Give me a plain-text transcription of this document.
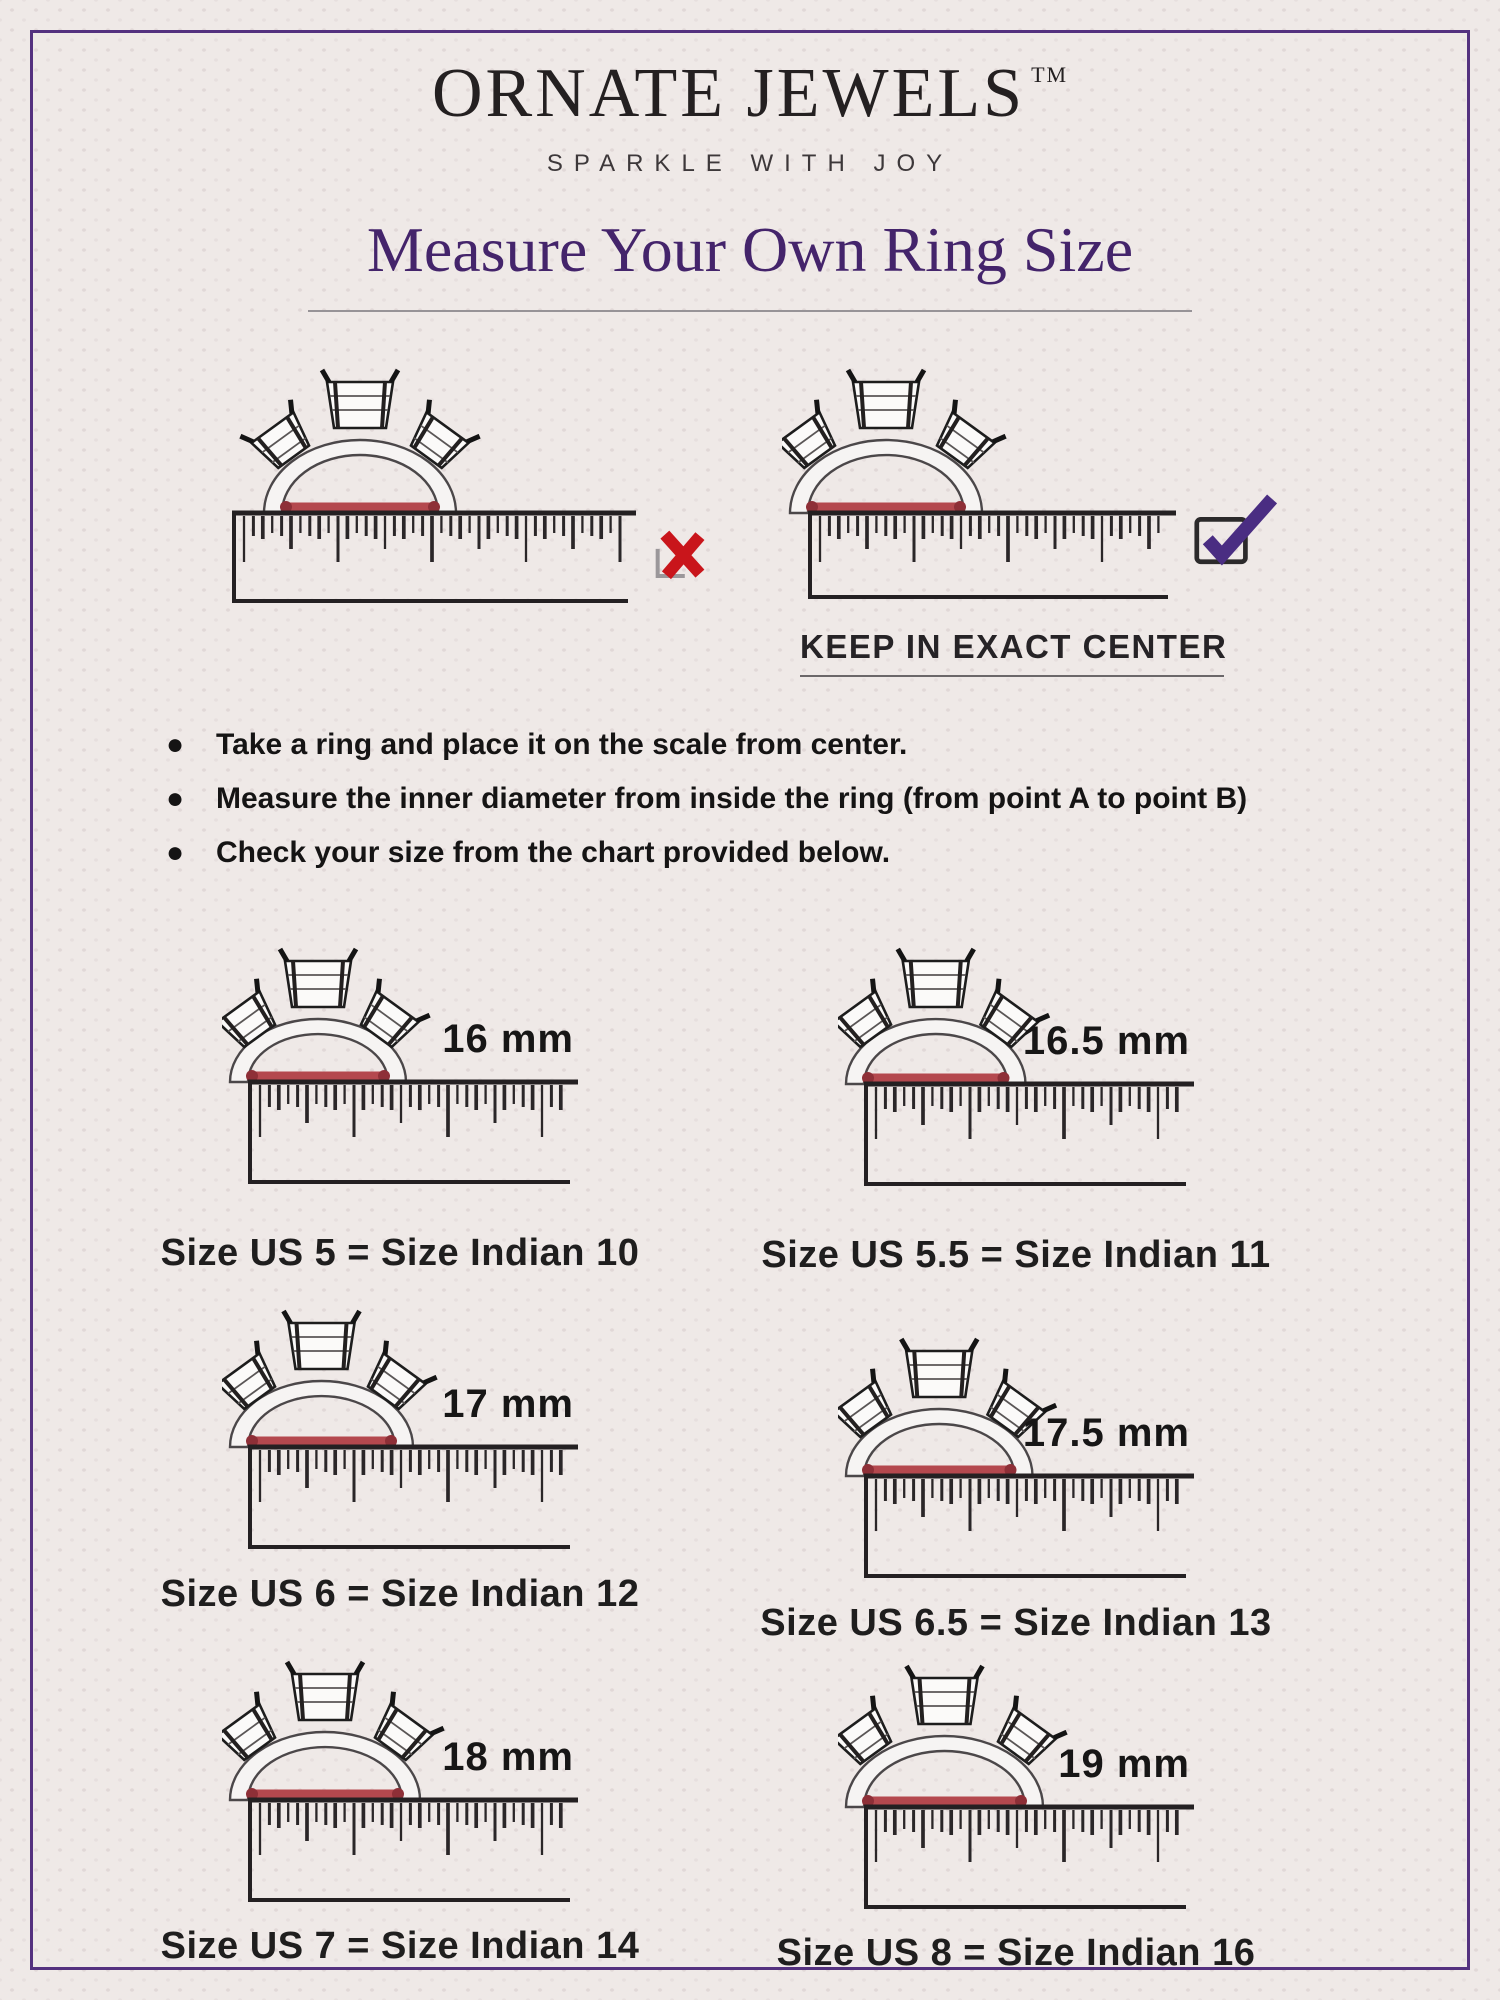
ORNATE JEWELS TM
SPARKLE WITH JOY
Measure Your Own Ring Size
KEEP IN EXACT CENTER
● Take a ring and place it on the scale from center.
● Measure the inner diameter from inside the ring (from point A to point B)
● Check your size from the chart provided below.
16 mm
Size US 5 = Size Indian 10
16.5 mm
Size US 5.5 = Size Indian 11
17 mm
Size US 6 = Size Indian 12
17.5 mm
Size US 6.5 = Size Indian 13
18 mm
Size US 7 = Size Indian 14
19 mm
Size US 8 = Size Indian 16
